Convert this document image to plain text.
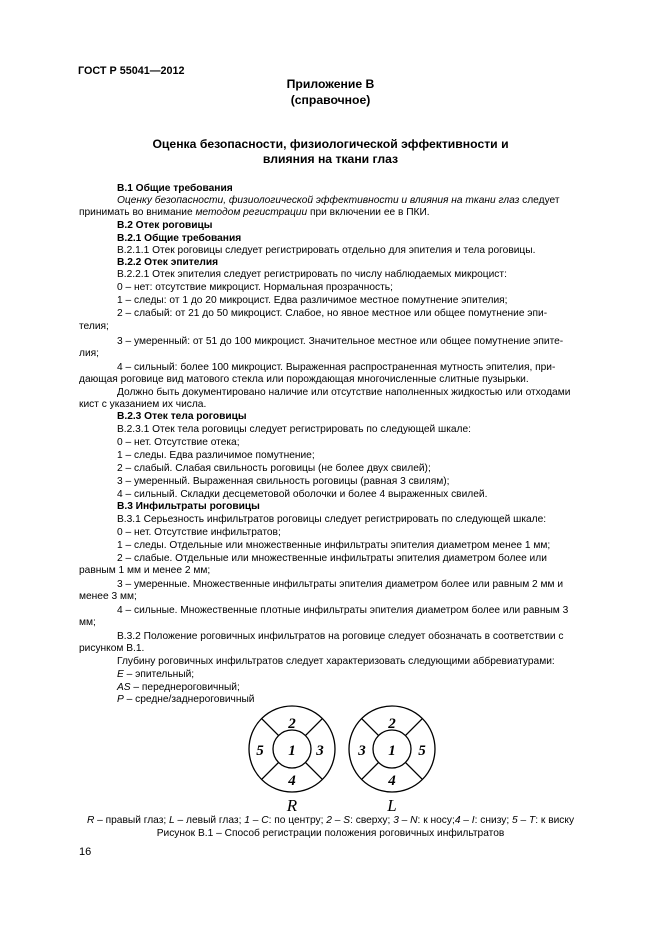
ГОСТ Р 55041—2012
Приложение В
(справочное)
Оценка безопасности, физиологической эффективности и
влияния на ткани глаз
В.1 Общие требования
Оценку безопасности, физиологической эффективности и влияния на ткани глаз следует
принимать во внимание методом регистрации при включении ее в ПКИ.
В.2 Отек роговицы
В.2.1 Общие требования
В.2.1.1 Отек роговицы следует регистрировать отдельно для эпителия и тела роговицы.
В.2.2 Отек эпителия
В.2.2.1 Отек эпителия следует регистрировать по числу наблюдаемых микроцист:
0 – нет: отсутствие микроцист. Нормальная прозрачность;
1 – следы: от 1 до 20 микроцист. Едва различимое местное помутнение эпителия;
2 – слабый: от 21 до 50 микроцист. Слабое, но явное местное или общее помутнение эпи-
телия;
3 – умеренный: от 51 до 100 микроцист. Значительное местное или общее помутнение эпите-
лия;
4 – сильный: более 100 микроцист. Выраженная распространенная мутность эпителия, при-
дающая роговице вид матового стекла или порождающая многочисленные слитные пузырьки.
Должно быть документировано наличие или отсутствие наполненных жидкостью или отходами
кист с указанием их числа.
В.2.3 Отек тела роговицы
В.2.3.1 Отек тела роговицы следует регистрировать по следующей шкале:
0 – нет. Отсутствие отека;
1 – следы. Едва различимое помутнение;
2 – слабый. Слабая свильность роговицы (не более двух свилей);
3 – умеренный. Выраженная свильность роговицы (равная 3 свилям);
4 – сильный. Складки десцеметовой оболочки и более 4 выраженных свилей.
В.3 Инфильтраты роговицы
В.3.1 Серьезность инфильтратов роговицы следует регистрировать по следующей шкале:
0 – нет. Отсутствие инфильтратов;
1 – следы. Отдельные или множественные инфильтраты эпителия диаметром менее 1 мм;
2 – слабые. Отдельные или множественные инфильтраты эпителия диаметром более или
равным 1 мм и менее 2 мм;
3 – умеренные. Множественные инфильтраты эпителия диаметром более или равным 2 мм и
менее 3 мм;
4 – сильные. Множественные плотные инфильтраты эпителия диаметром более или равным 3
мм;
В.3.2 Положение роговичных инфильтратов на роговице следует обозначать в соответствии с
рисунком В.1.
Глубину роговичных инфильтратов следует характеризовать следующими аббревиатурами:
E – эпительный;
AS – переднероговичный;
P – средне/заднероговичный
2
1
5	3
4
R
2
1
3	5
4
L
R – правый глаз; L – левый глаз; 1 – C: по центру; 2 – S: сверху; 3 – N: к носу;4 – I: снизу; 5 – T: к виску
Рисунок В.1 – Способ регистрации положения роговичных инфильтратов
16
